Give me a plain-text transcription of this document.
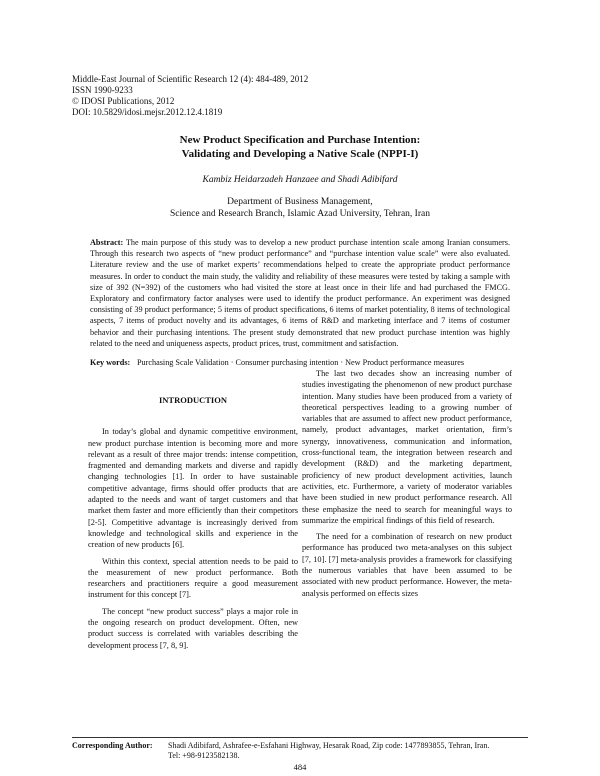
Middle-East Journal of Scientific Research 12 (4): 484-489, 2012
ISSN 1990-9233
© IDOSI Publications, 2012
DOI: 10.5829/idosi.mejsr.2012.12.4.1819
New Product Specification and Purchase Intention:
Validating and Developing a Native Scale (NPPI-I)
Kambiz Heidarzadeh Hanzaee and Shadi Adibifard
Department of Business Management,
Science and Research Branch, Islamic Azad University, Tehran, Iran
Abstract: The main purpose of this study was to develop a new product purchase intention scale among Iranian consumers. Through this research two aspects of “new product performance” and “purchase intention value scale” were also evaluated. Literature review and the use of market experts’ recommendations helped to create the appropriate product performance measures. In order to conduct the main study, the validity and reliability of these measures were tested by taking a sample with size of 392 (N=392) of the customers who had visited the store at least once in their life and had purchased the FMCG. Exploratory and confirmatory factor analyses were used to identify the product performance. An experiment was designed consisting of 39 product performance; 5 items of product specifications, 6 items of market potentiality, 8 items of technological aspects, 7 items of product novelty and its advantages, 6 items of R&D and marketing interface and 7 items of costumer behavior and their purchasing intentions. The present study demonstrated that new product purchase intention was highly related to the need and uniqueness aspects, product prices, trust, commitment and satisfaction.
Key words: Purchasing Scale Validation · Consumer purchasing intention · New Product performance measures
INTRODUCTION

In today’s global and dynamic competitive environment, new product purchase intention is becoming more and more relevant as a result of three major trends: intense competition, fragmented and demanding markets and diverse and rapidly changing technologies [1]. In order to have sustainable competitive advantage, firms should offer products that are adapted to the needs and want of target customers and that market them faster and more efficiently than their competitors [2-5]. Competitive advantage is increasingly derived from knowledge and technological skills and experience in the creation of new products [6].

Within this context, special attention needs to be paid to the measurement of new product performance. Both researchers and practitioners require a good measurement instrument for this concept [7].

The concept “new product success” plays a major role in the ongoing research on product development. Often, new product success is correlated with variables describing the development process [7, 8, 9].

The last two decades show an increasing number of studies investigating the phenomenon of new product purchase intention. Many studies have been produced from a variety of theoretical perspectives leading to a growing number of variables that are assumed to affect new product performance, namely, product advantages, market orientation, firm’s synergy, innovativeness, communication and information, cross-functional team, the integration between research and development (R&D) and the marketing department, proficiency of new product development activities, launch activities, etc. Furthermore, a variety of moderator variables have been studied in new product performance research. All these emphasize the need to search for meaningful ways to summarize the empirical findings of this field of research.

The need for a combination of research on new product performance has produced two meta-analyses on this subject [7, 10]. [7] meta-analysis provides a framework for classifying the numerous variables that have been assumed to be associated with new product performance. However, the meta-analysis performed on effects sizes

Corresponding Author: Shadi Adibifard, Ashrafee-e-Esfahani Highway, Hesarak Road, Zip code: 1477893855, Tehran, Iran.
Tel: +98-9123582138.
484
